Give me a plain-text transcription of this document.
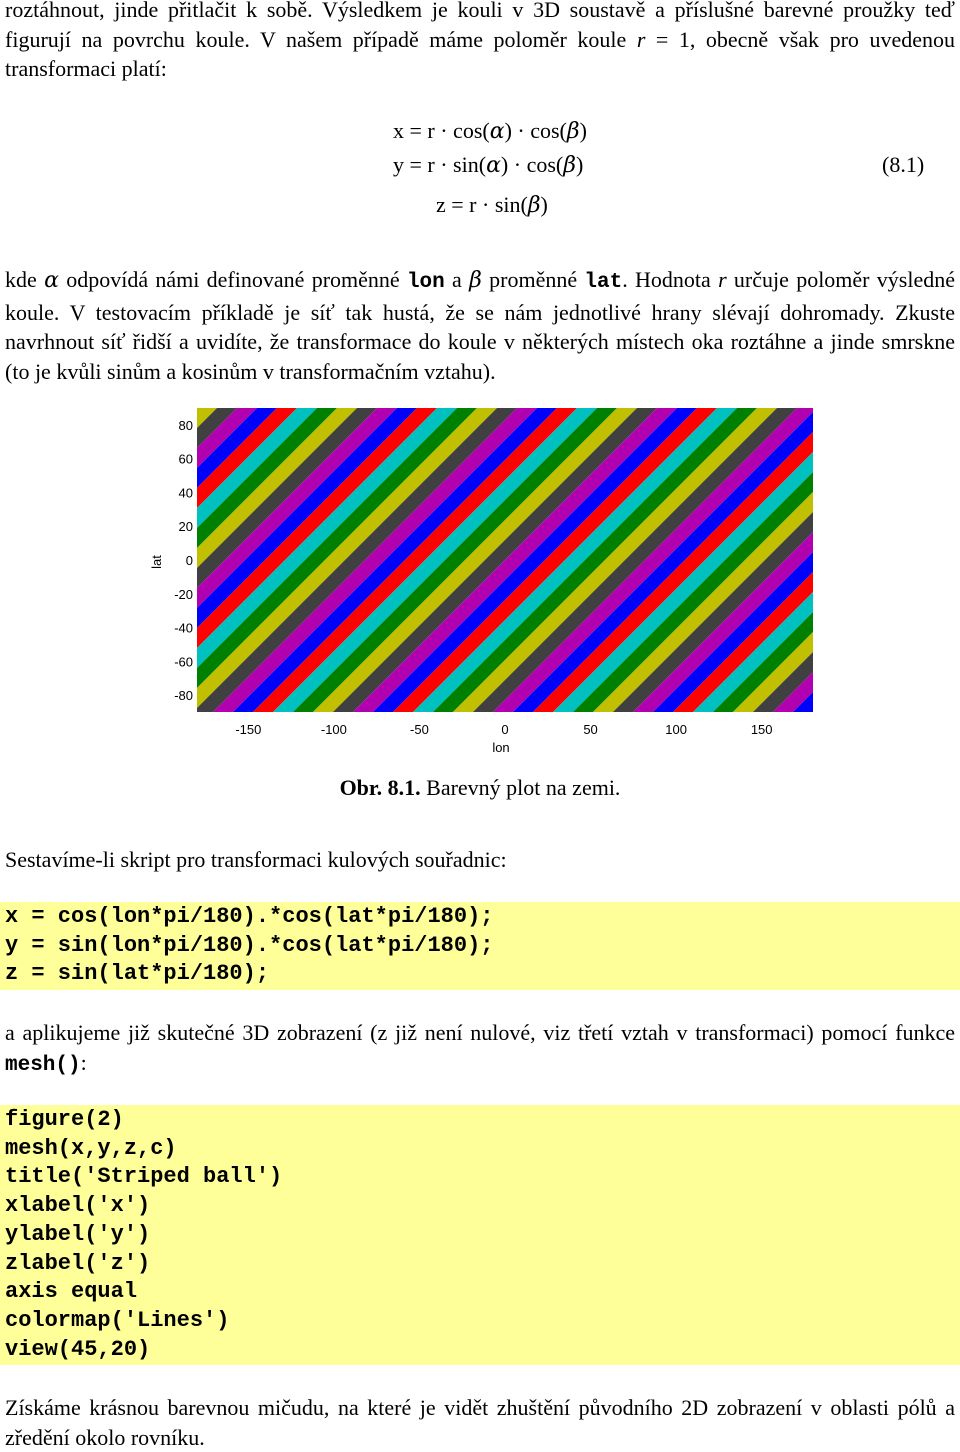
roztáhnout, jinde přitlačit k sobě. Výsledkem je kouli v 3D soustavě a příslušné barevné proužky teď figurují na povrchu koule. V našem případě máme poloměr koule r = 1, obecně však pro uvedenou transformaci platí:
x = r · cos(α) · cos(β)
y = r · sin(α) · cos(β)
z = r · sin(β)
(8.1)
kde α odpovídá námi definované proměnné lon a β proměnné lat. Hodnota r určuje poloměr výsledné koule. V testovacím příkladě je síť tak hustá, že se nám jednotlivé hrany slévají dohromady. Zkuste navrhnout síť řidší a uvidíte, že transformace do koule v některých místech oka roztáhne a jinde smrskne (to je kvůli sinům a kosinům v transformačním vztahu).
lat
80
60
40
20
0
-20
-40
-60
-80
-150	-100	-50	0	50	100	150
lon
Obr. 8.1. Barevný plot na zemi.
Sestavíme-li skript pro transformaci kulových souřadnic:
x = cos(lon*pi/180).*cos(lat*pi/180);
y = sin(lon*pi/180).*cos(lat*pi/180);
z = sin(lat*pi/180);
a aplikujeme již skutečné 3D zobrazení (z již není nulové, viz třetí vztah v transformaci) pomocí funkce mesh():
figure(2)
mesh(x,y,z,c)
title('Striped ball')
xlabel('x')
ylabel('y')
zlabel('z')
axis equal
colormap('Lines')
view(45,20)
Získáme krásnou barevnou mičudu, na které je vidět zhuštění původního 2D zobrazení v oblasti pólů a zředění okolo rovníku.
